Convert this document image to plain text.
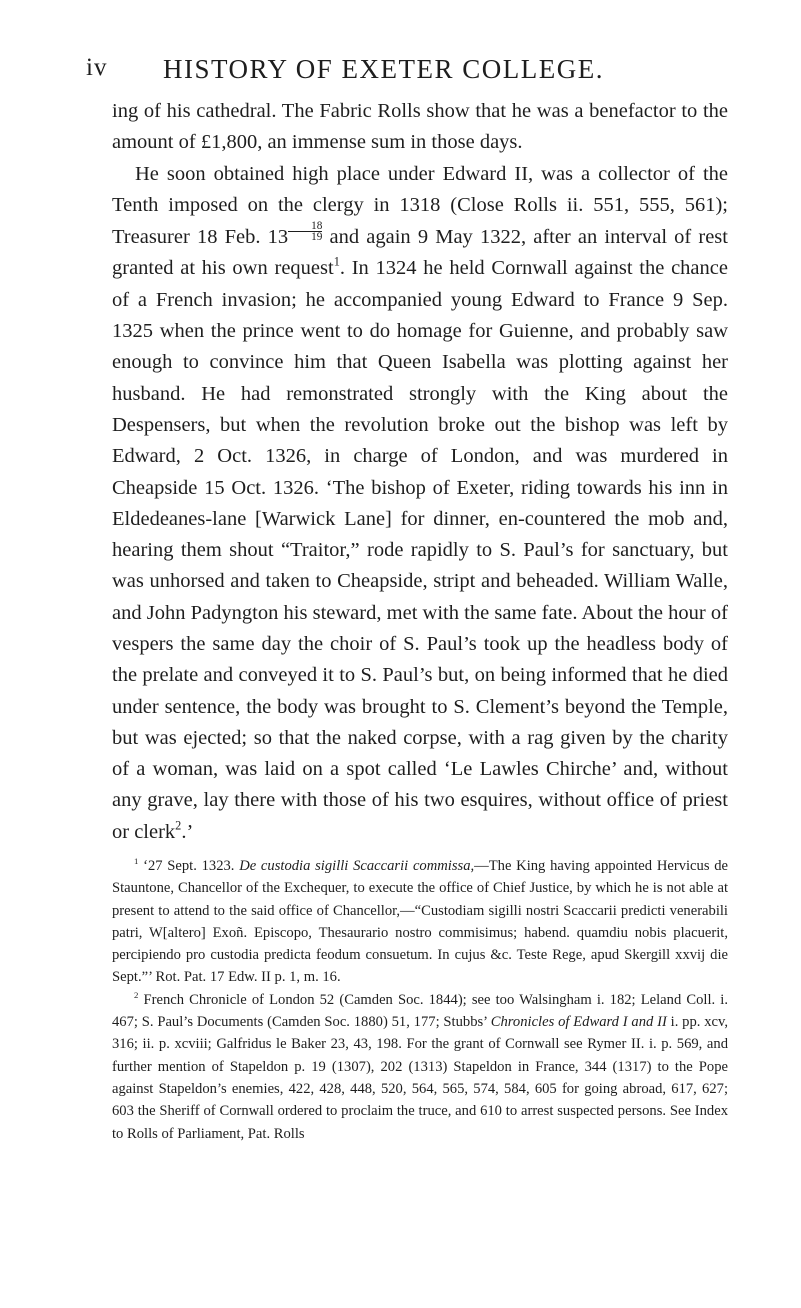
iv HISTORY OF EXETER COLLEGE.

ing of his cathedral. The Fabric Rolls show that he was a benefactor to the amount of £1,800, an immense sum in those days.

He soon obtained high place under Edward II, was a collector of the Tenth imposed on the clergy in 1318 (Close Rolls ii. 551, 555, 561); Treasurer 18 Feb. $13 \frac{18}{19}$ and again 9 May 1322, after an interval of rest granted at his own request$^1$. In 1324 he held Cornwall against the chance of a French invasion; he accompanied young Edward to France 9 Sep. 1325 when the prince went to do homage for Guienne, and probably saw enough to convince him that Queen Isabella was plotting against her husband. He had remonstrated strongly with the King about the Despensers, but when the revolution broke out the bishop was left by Edward, 2 Oct. 1326, in charge of London, and was murdered in Cheapside 15 Oct. 1326. ‘The bishop of Exeter, riding towards his inn in Eldedeanes-lane [Warwick Lane] for dinner, en-countered the mob and, hearing them shout “Traitor,” rode rapidly to S. Paul’s for sanctuary, but was unhorsed and taken to Cheapside, stript and beheaded. William Walle, and John Padyngton his steward, met with the same fate. About the hour of vespers the same day the choir of S. Paul’s took up the headless body of the prelate and conveyed it to S. Paul’s but, on being informed that he died under sentence, the body was brought to S. Clement’s beyond the Temple, but was ejected; so that the naked corpse, with a rag given by the charity of a woman, was laid on a spot called ‘Le Lawles Chirche’ and, without any grave, lay there with those of his two esquires, without office of priest or clerk$^2$.’

$^1$ ‘27 Sept. 1323. De custodia sigilli Scaccarii commissa,—The King having appointed Hervicus de Stauntone, Chancellor of the Exchequer, to execute the office of Chief Justice, by which he is not able at present to attend to the said office of Chancellor,—“Custodiam sigilli nostri Scaccarii predicti venerabili patri, W[altero] Exoñ. Episcopo, Thesaurario nostro commisimus; habend. quamdiu nobis placuerit, percipiendo pro custodia predicta feodum consuetum. In cujus &c. Teste Rege, apud Skergill xxvij die Sept.”’ Rot. Pat. 17 Edw. II p. 1, m. 16.

$^2$ French Chronicle of London 52 (Camden Soc. 1844); see too Walsingham i. 182; Leland Coll. i. 467; S. Paul’s Documents (Camden Soc. 1880) 51, 177; Stubbs’ Chronicles of Edward I and II i. pp. xcv, 316; ii. p. xcviii; Galfridus le Baker 23, 43, 198. For the grant of Cornwall see Rymer II. i. p. 569, and further mention of Stapeldon p. 19 (1307), 202 (1313) Stapeldon in France, 344 (1317) to the Pope against Stapeldon’s enemies, 422, 428, 448, 520, 564, 565, 574, 584, 605 for going abroad, 617, 627; 603 the Sheriff of Cornwall ordered to proclaim the truce, and 610 to arrest suspected persons. See Index to Rolls of Parliament, Pat. Rolls
